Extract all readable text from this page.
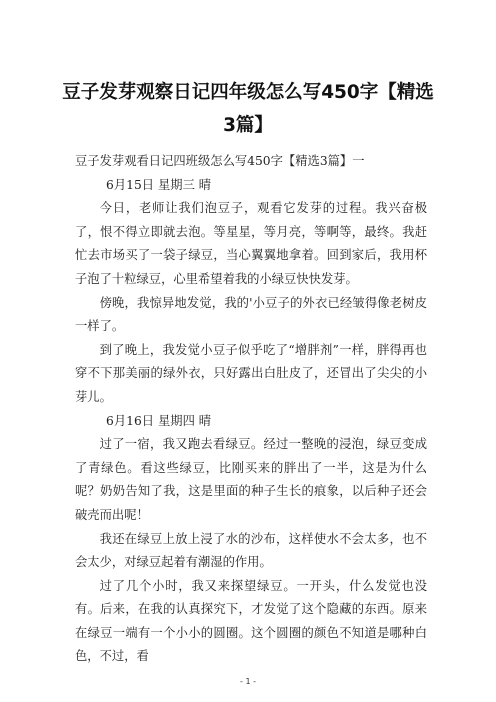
豆子发芽观察日记四年级怎么写450字【精选3篇】

豆子发芽观看日记四班级怎么写450字【精选3篇】一

6月15日 星期三 晴

今日，老师让我们泡豆子，观看它发芽的过程。我兴奋极了，恨不得立即就去泡。等星星，等月亮，等啊等，最终。我赶忙去市场买了一袋子绿豆，当心翼翼地拿着。回到家后，我用杯子泡了十粒绿豆，心里希望着我的小绿豆快快发芽。

傍晚，我惊异地发觉，我的'小豆子的外衣已经皱得像老树皮一样了。

到了晚上，我发觉小豆子似乎吃了“增胖剂”一样，胖得再也穿不下那美丽的绿外衣，只好露出白肚皮了，还冒出了尖尖的小芽儿。

6月16日 星期四 晴

过了一宿，我又跑去看绿豆。经过一整晚的浸泡，绿豆变成了青绿色。看这些绿豆，比刚买来的胖出了一半，这是为什么呢？奶奶告知了我，这是里面的种子生长的痕象，以后种子还会破壳而出呢！

我还在绿豆上放上浸了水的沙布，这样使水不会太多，也不会太少，对绿豆起着有潮湿的作用。

过了几个小时，我又来探望绿豆。一开头，什么发觉也没有。后来，在我的认真探究下，才发觉了这个隐藏的东西。原来在绿豆一端有一个小小的圆圈。这个圆圈的颜色不知道是哪种白色，不过，看

- 1 -
